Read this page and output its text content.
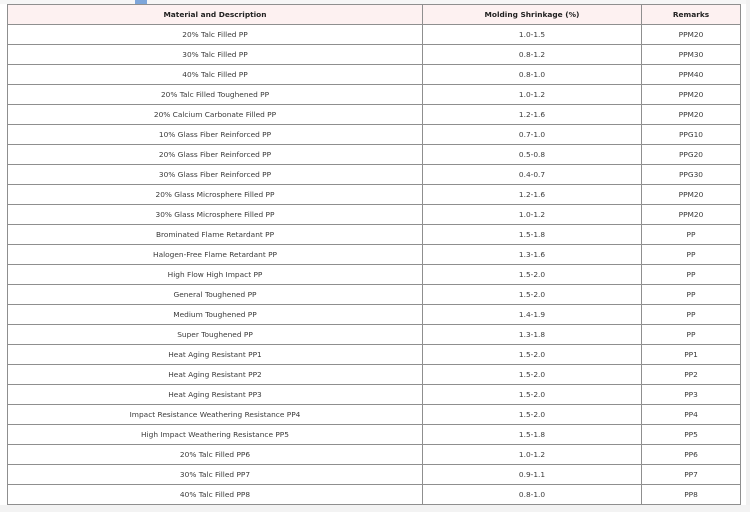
Material and Description	Molding Shrinkage (%)	Remarks
20% Talc Filled PP	1.0-1.5	PPM20
30% Talc Filled PP	0.8-1.2	PPM30
40% Talc Filled PP	0.8-1.0	PPM40
20% Talc Filled Toughened PP	1.0-1.2	PPM20
20% Calcium Carbonate Filled PP	1.2-1.6	PPM20
10% Glass Fiber Reinforced PP	0.7-1.0	PPG10
20% Glass Fiber Reinforced PP	0.5-0.8	PPG20
30% Glass Fiber Reinforced PP	0.4-0.7	PPG30
20% Glass Microsphere Filled PP	1.2-1.6	PPM20
30% Glass Microsphere Filled PP	1.0-1.2	PPM20
Brominated Flame Retardant PP	1.5-1.8	PP
Halogen-Free Flame Retardant PP	1.3-1.6	PP
High Flow High Impact PP	1.5-2.0	PP
General Toughened PP	1.5-2.0	PP
Medium Toughened PP	1.4-1.9	PP
Super Toughened PP	1.3-1.8	PP
Heat Aging Resistant PP1	1.5-2.0	PP1
Heat Aging Resistant PP2	1.5-2.0	PP2
Heat Aging Resistant PP3	1.5-2.0	PP3
Impact Resistance Weathering Resistance PP4	1.5-2.0	PP4
High Impact Weathering Resistance PP5	1.5-1.8	PP5
20% Talc Filled PP6	1.0-1.2	PP6
30% Talc Filled PP7	0.9-1.1	PP7
40% Talc Filled PP8	0.8-1.0	PP8
